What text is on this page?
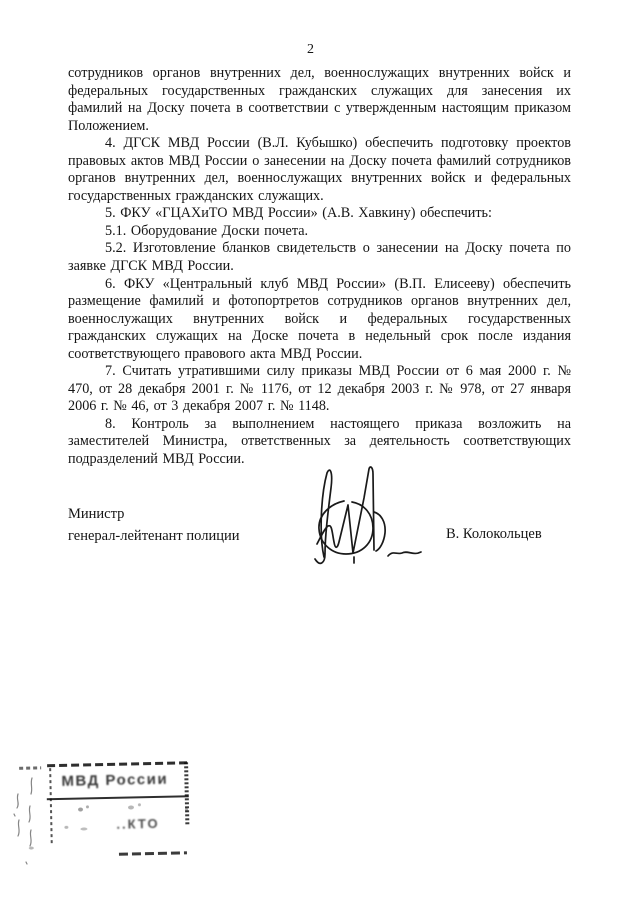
2

сотрудников органов внутренних дел, военнослужащих внутренних войск и федеральных государственных гражданских служащих для занесения их фамилий на Доску почета в соответствии с утвержденным настоящим приказом Положением.

4. ДГСК МВД России (В.Л. Кубышко) обеспечить подготовку проектов правовых актов МВД России о занесении на Доску почета фамилий сотрудников органов внутренних дел, военнослужащих внутренних войск и федеральных государственных гражданских служащих.

5. ФКУ «ГЦАХиТО МВД России» (А.В. Хавкину) обеспечить:

5.1. Оборудование Доски почета.

5.2. Изготовление бланков свидетельств о занесении на Доску почета по заявке ДГСК МВД России.

6. ФКУ «Центральный клуб МВД России» (В.П. Елисееву) обеспечить размещение фамилий и фотопортретов сотрудников органов внутренних дел, военнослужащих внутренних войск и федеральных государственных гражданских служащих на Доске почета в недельный срок после издания соответствующего правового акта МВД России.

7. Считать утратившими силу приказы МВД России от 6 мая 2000 г. № 470, от 28 декабря 2001 г. № 1176, от 12 декабря 2003 г. № 978, от 27 января 2006 г. № 46, от 3 декабря 2007 г. № 1148.

8. Контроль за выполнением настоящего приказа возложить на заместителей Министра, ответственных за деятельность соответствующих подразделений МВД России.

Министр
генерал-лейтенант полиции	В. Колокольцев
МВД России
..КТО
